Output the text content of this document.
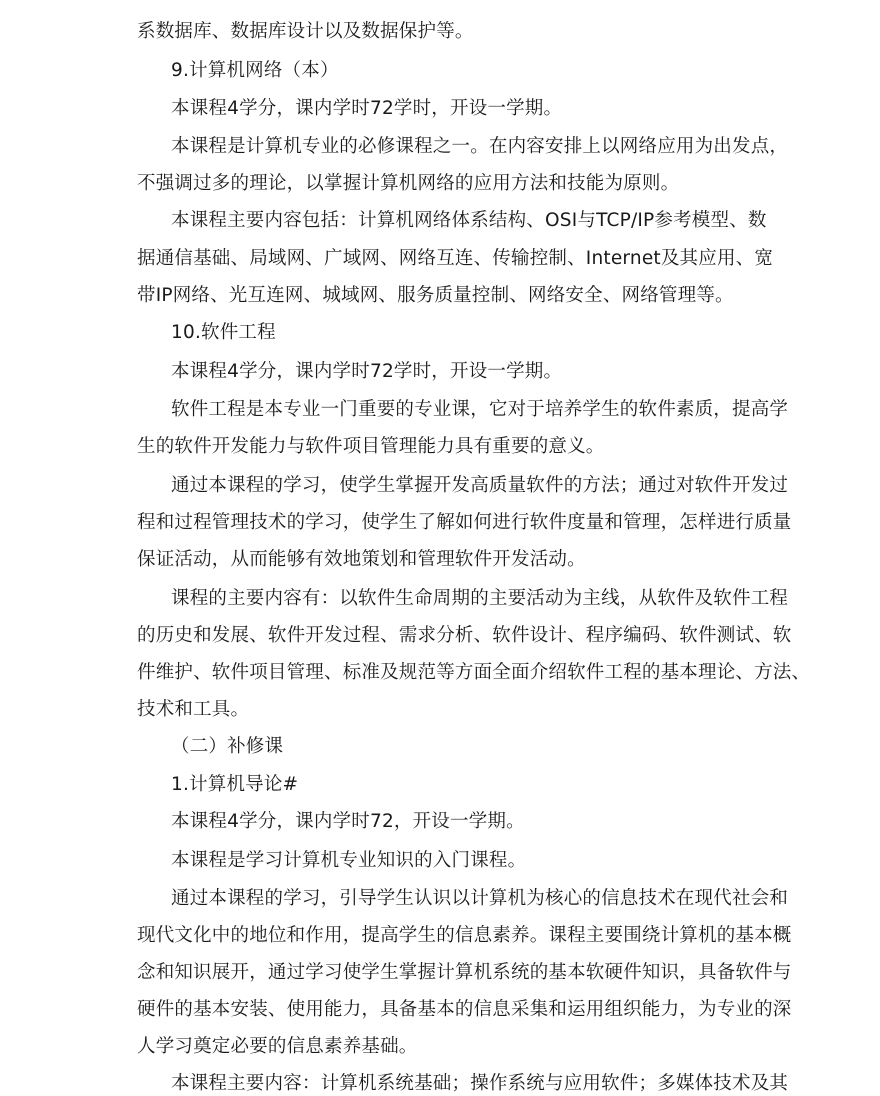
系数据库、数据库设计以及数据保护等。
9.计算机网络（本）
本课程4学分，课内学时72学时，开设一学期。
本课程是计算机专业的必修课程之一。在内容安排上以网络应用为出发点，
不强调过多的理论，以掌握计算机网络的应用方法和技能为原则。
本课程主要内容包括：计算机网络体系结构、OSI与TCP/IP参考模型、数
据通信基础、局域网、广域网、网络互连、传输控制、Internet及其应用、宽
带IP网络、光互连网、城域网、服务质量控制、网络安全、网络管理等。
10.软件工程
本课程4学分，课内学时72学时，开设一学期。
软件工程是本专业一门重要的专业课，它对于培养学生的软件素质，提高学
生的软件开发能力与软件项目管理能力具有重要的意义。
通过本课程的学习，使学生掌握开发高质量软件的方法；通过对软件开发过
程和过程管理技术的学习，使学生了解如何进行软件度量和管理，怎样进行质量
保证活动，从而能够有效地策划和管理软件开发活动。
课程的主要内容有：以软件生命周期的主要活动为主线，从软件及软件工程
的历史和发展、软件开发过程、需求分析、软件设计、程序编码、软件测试、软
件维护、软件项目管理、标准及规范等方面全面介绍软件工程的基本理论、方法、
技术和工具。
（二）补修课
1.计算机导论#
本课程4学分，课内学时72，开设一学期。
本课程是学习计算机专业知识的入门课程。
通过本课程的学习，引导学生认识以计算机为核心的信息技术在现代社会和
现代文化中的地位和作用，提高学生的信息素养。课程主要围绕计算机的基本概
念和知识展开，通过学习使学生掌握计算机系统的基本软硬件知识，具备软件与
硬件的基本安装、使用能力，具备基本的信息采集和运用组织能力，为专业的深
人学习奠定必要的信息素养基础。
本课程主要内容：计算机系统基础；操作系统与应用软件；多媒体技术及其
